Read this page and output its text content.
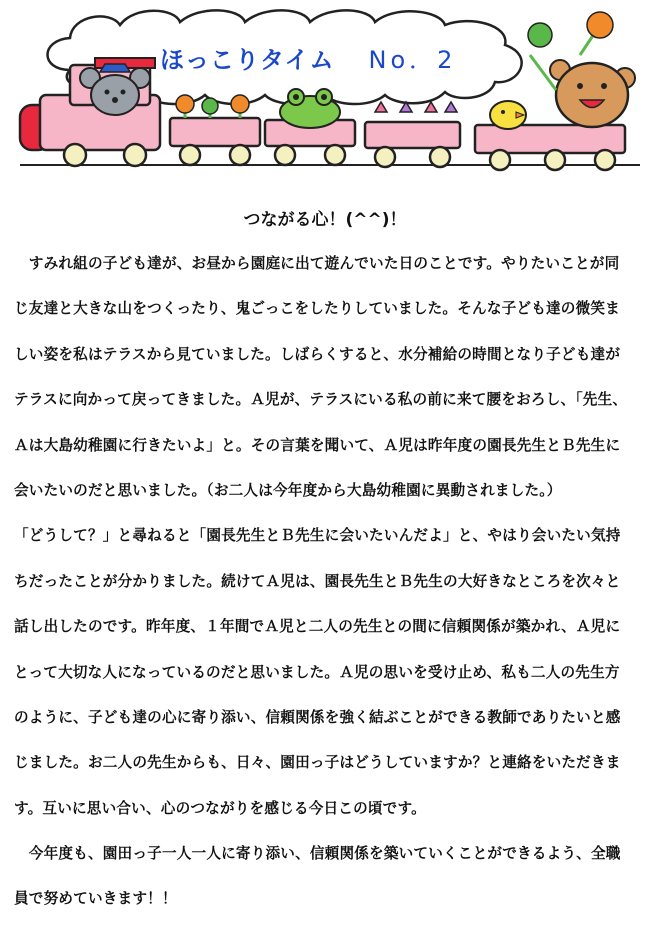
ほっこりタイム No．2
つながる心！(^^)！
　すみれ組の子ども達が、お昼から園庭に出て遊んでいた日のことです。やりたいことが同
じ友達と大きな山をつくったり、鬼ごっこをしたりしていました。そんな子ども達の微笑ま
しい姿を私はテラスから見ていました。しばらくすると、水分補給の時間となり子ども達が
テラスに向かって戻ってきました。Ａ児が、テラスにいる私の前に来て腰をおろし、「先生、
Ａは大島幼稚園に行きたいよ」と。その言葉を聞いて、Ａ児は昨年度の園長先生とＢ先生に
会いたいのだと思いました。（お二人は今年度から大島幼稚園に異動されました。）
「どうして？」と尋ねると「園長先生とＢ先生に会いたいんだよ」と、やはり会いたい気持
ちだったことが分かりました。続けてＡ児は、園長先生とＢ先生の大好きなところを次々と
話し出したのです。昨年度、１年間でＡ児と二人の先生との間に信頼関係が築かれ、Ａ児に
とって大切な人になっているのだと思いました。Ａ児の思いを受け止め、私も二人の先生方
のように、子ども達の心に寄り添い、信頼関係を強く結ぶことができる教師でありたいと感
じました。お二人の先生からも、日々、園田っ子はどうしていますか？と連絡をいただきま
す。互いに思い合い、心のつながりを感じる今日この頃です。
　今年度も、園田っ子一人一人に寄り添い、信頼関係を築いていくことができるよう、全職
員で努めていきます！！
